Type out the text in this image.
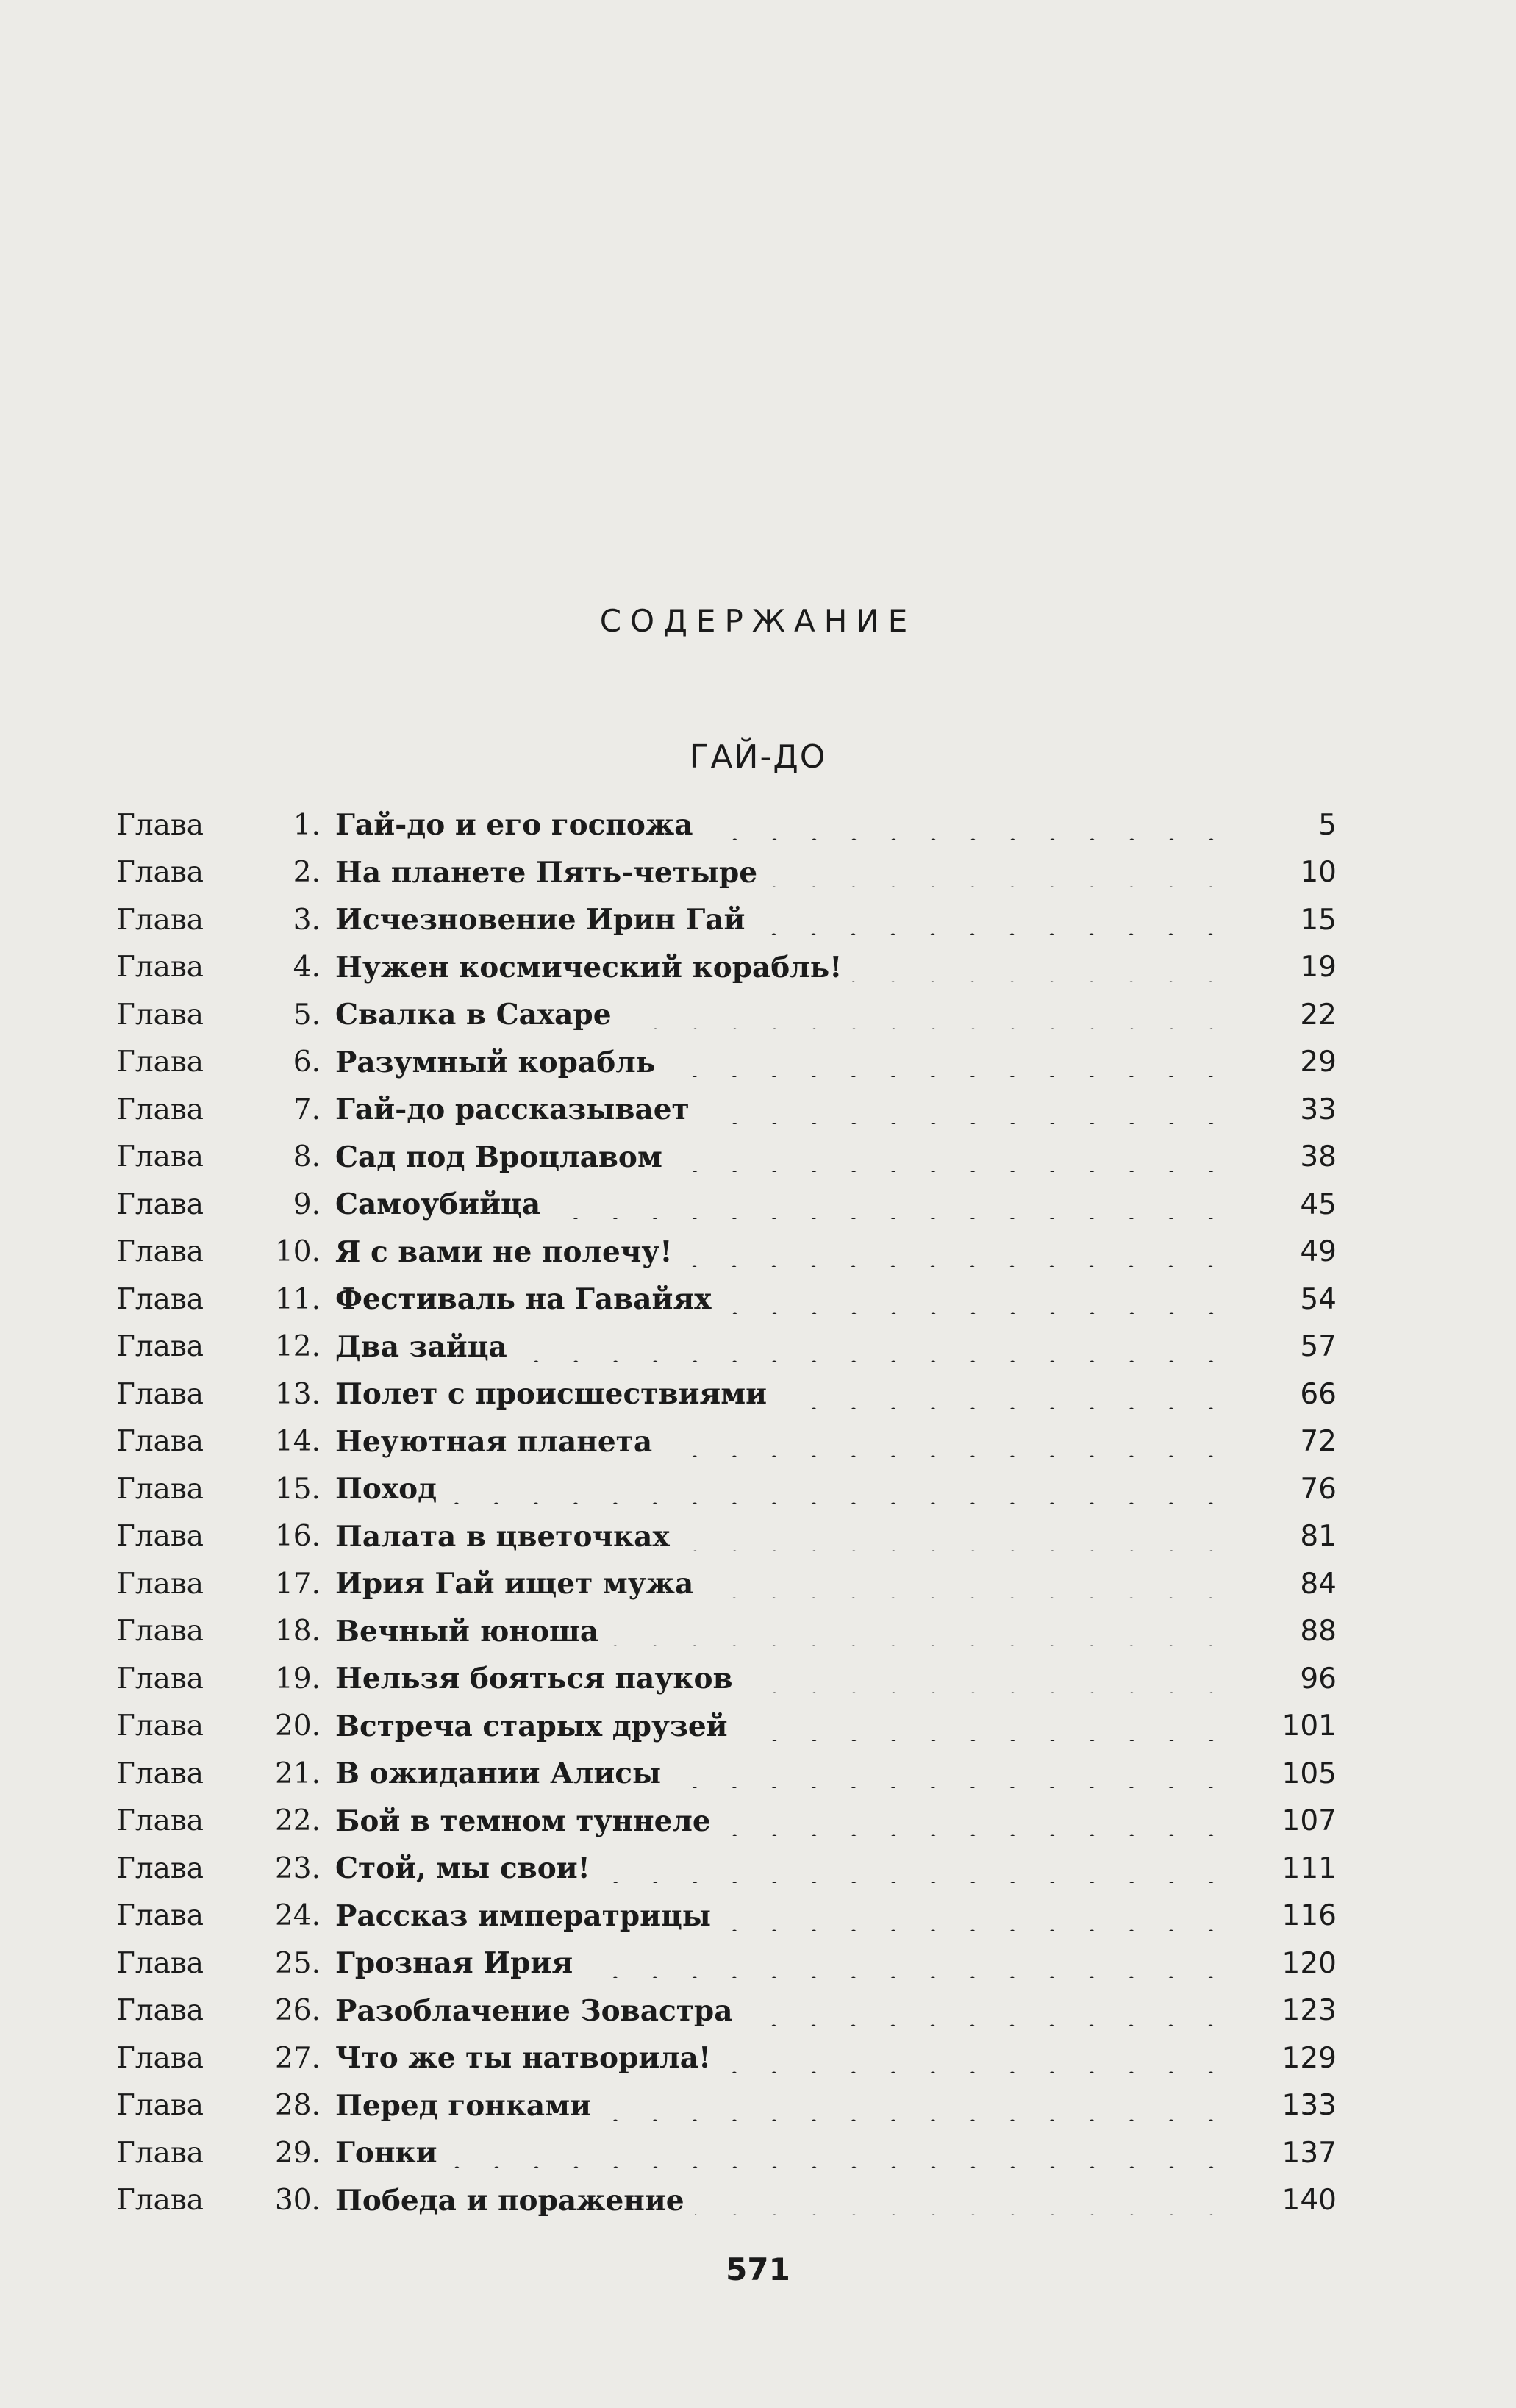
СОДЕРЖАНИЕ
ГАЙ-ДО
Глава	1. Гай-до и его госпожа	5
Глава	2. На планете Пять-четыре	10
Глава	3. Исчезновение Ирин Гай	15
Глава	4. Нужен космический корабль!	19
Глава	5. Свалка в Сахаре	22
Глава	6. Разумный корабль	29
Глава	7. Гай-до рассказывает	33
Глава	8. Сад под Вроцлавом	38
Глава	9. Самоубийца	45
Глава	10. Я с вами не полечу!	49
Глава	11. Фестиваль на Гавайях	54
Глава	12. Два зайца	57
Глава	13. Полет с происшествиями	66
Глава	14. Неуютная планета	72
Глава	15. Поход	76
Глава	16. Палата в цветочках	81
Глава	17. Ирия Гай ищет мужа	84
Глава	18. Вечный юноша	88
Глава	19. Нельзя бояться пауков	96
Глава	20. Встреча старых друзей	101
Глава	21. В ожидании Алисы	105
Глава	22. Бой в темном туннеле	107
Глава	23. Стой, мы свои!	111
Глава	24. Рассказ императрицы	116
Глава	25. Грозная Ирия	120
Глава	26. Разоблачение Зовастра	123
Глава	27. Что же ты натворила!	129
Глава	28. Перед гонками	133
Глава	29. Гонки	137
Глава	30. Победа и поражение	140
571
